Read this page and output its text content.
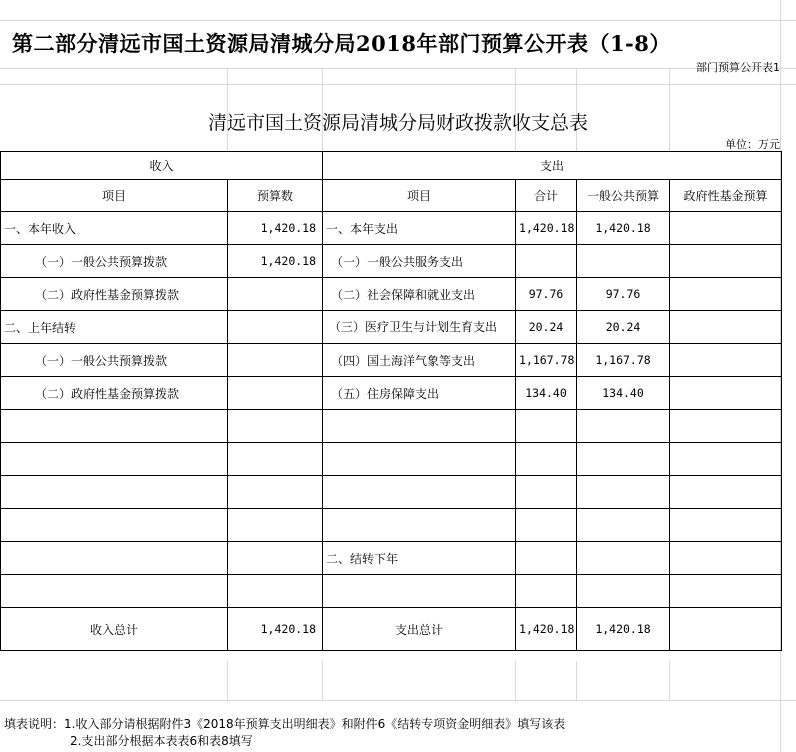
第二部分清远市国土资源局清城分局2018年部门预算公开表（1-8）
部门预算公开表1
清远市国土资源局清城分局财政拨款收支总表
单位：万元
收入		支出			
项目	预算数	项目	合计	一般公共预算	政府性基金预算
一、本年收入	1,420.18	一、本年支出	1,420.18	1,420.18	
（一）一般公共预算拨款	1,420.18	（一）一般公共服务支出			
（二）政府性基金预算拨款		（二）社会保障和就业支出	97.76	97.76	
二、上年结转		（三）医疗卫生与计划生育支出	20.24	20.24	
（一）一般公共预算拨款		（四）国土海洋气象等支出	1,167.78	1,167.78	
（二）政府性基金预算拨款		（五）住房保障支出	134.40	134.40	

		二、结转下年			

收入总计	1,420.18	支出总计	1,420.18	1,420.18	
填表说明：1.收入部分请根据附件3《2018年预算支出明细表》和附件6《结转专项资金明细表》填写该表
2.支出部分根据本表表6和表8填写
